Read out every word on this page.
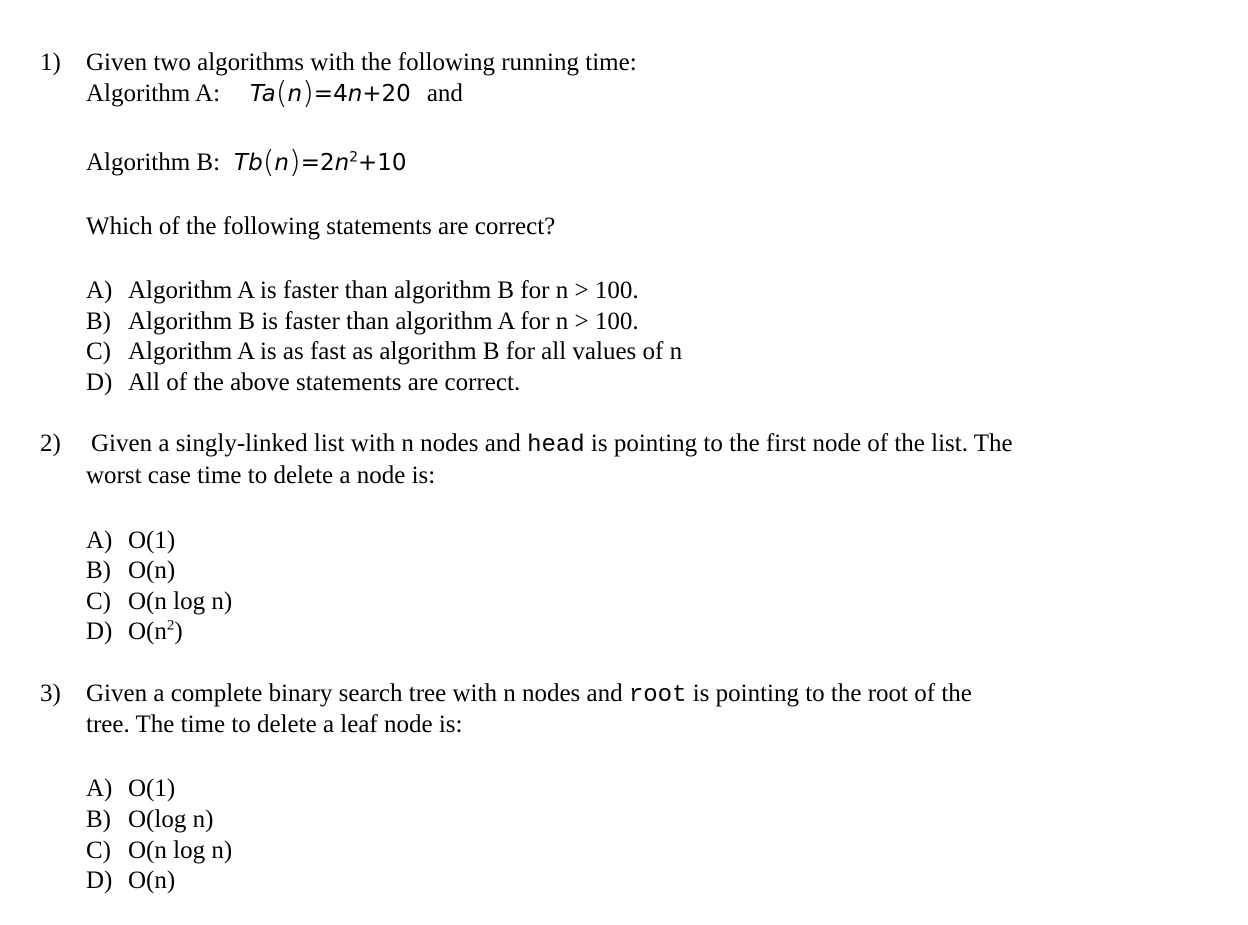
1) Given two algorithms with the following running time:
Algorithm A: Ta(n)=4n+20 and
Algorithm B: $Tb(n)=2n^2+10$
Which of the following statements are correct?
A) Algorithm A is faster than algorithm B for n > 100.
B) Algorithm B is faster than algorithm A for n > 100.
C) Algorithm A is as fast as algorithm B for all values of n
D) All of the above statements are correct.
2) Given a singly-linked list with n nodes and head is pointing to the first node of the list. The
worst case time to delete a node is:
A) O(1)
B) O(n)
C) O(n log n)
D) $O(n^2)$
3) Given a complete binary search tree with n nodes and root is pointing to the root of the
tree. The time to delete a leaf node is:
A) O(1)
B) O(log n)
C) O(n log n)
D) O(n)
